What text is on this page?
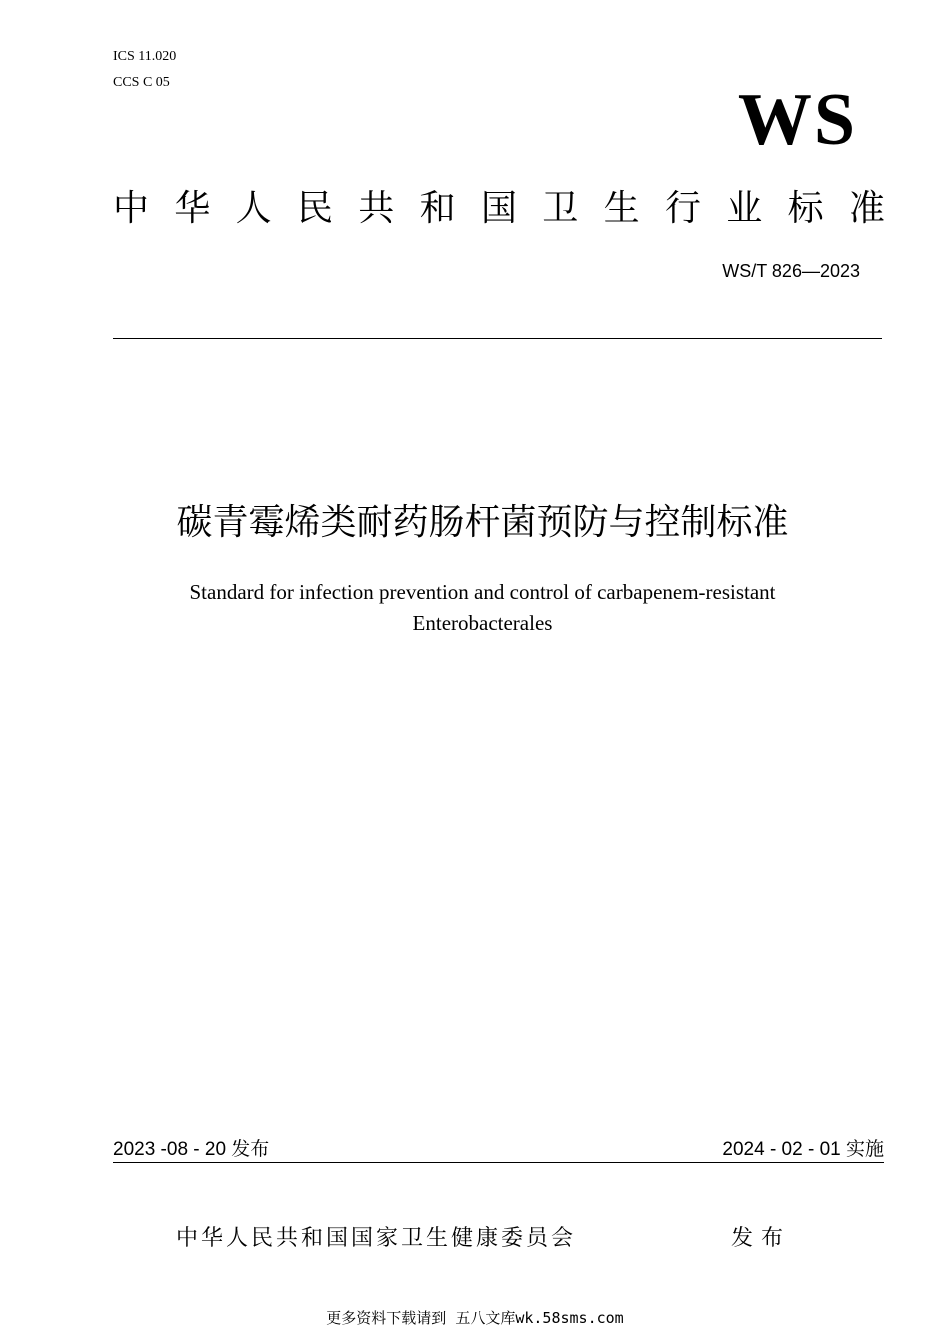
ICS 11.020
CCS C 05	WS
中 华 人 民 共 和 国 卫 生 行 业 标 准
WS/T 826—2023
碳青霉烯类耐药肠杆菌预防与控制标准
Standard for infection prevention and control of carbapenem-resistant
Enterobacterales
2023 -08 - 20 发布	2024 - 02 - 01 实施
中华人民共和国国家卫生健康委员会	发布
更多资料下载请到 五八文库wk.58sms.com
